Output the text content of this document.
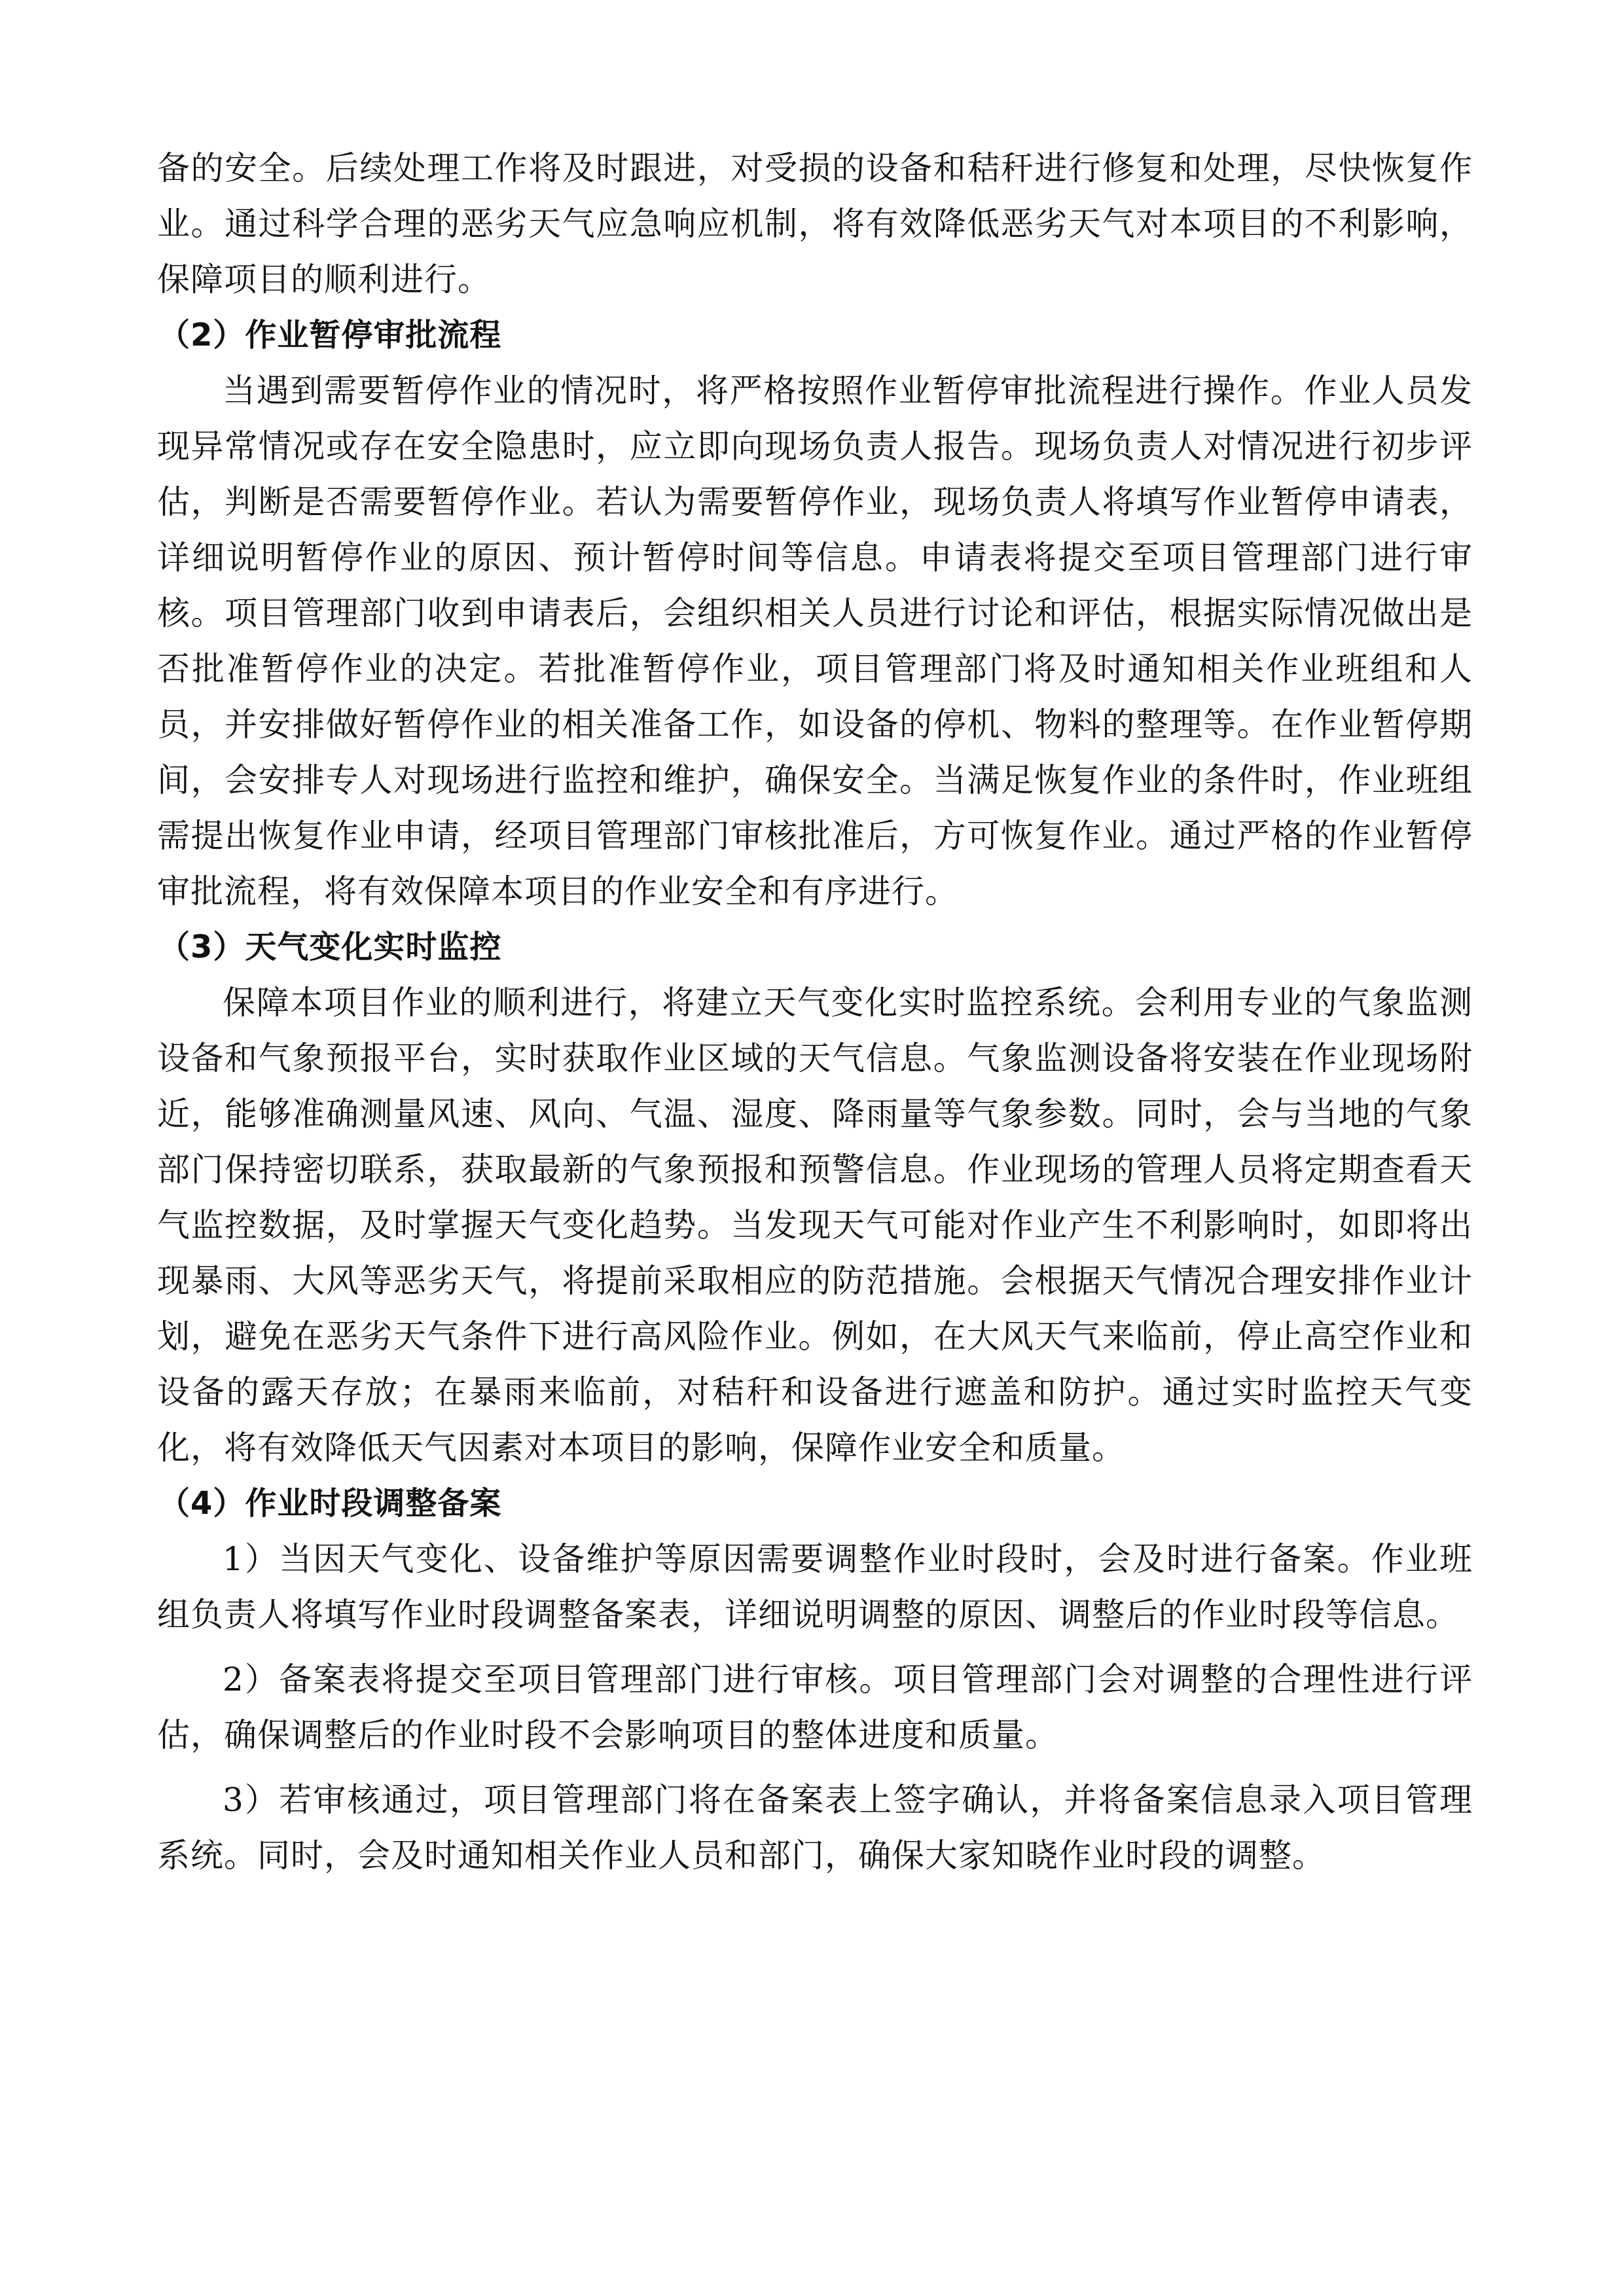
备的安全。后续处理工作将及时跟进，对受损的设备和秸秆进行修复和处理，尽快恢复作业。通过科学合理的恶劣天气应急响应机制，将有效降低恶劣天气对本项目的不利影响，保障项目的顺利进行。

（2）作业暂停审批流程

当遇到需要暂停作业的情况时，将严格按照作业暂停审批流程进行操作。作业人员发现异常情况或存在安全隐患时，应立即向现场负责人报告。现场负责人对情况进行初步评估，判断是否需要暂停作业。若认为需要暂停作业，现场负责人将填写作业暂停申请表，详细说明暂停作业的原因、预计暂停时间等信息。申请表将提交至项目管理部门进行审核。项目管理部门收到申请表后，会组织相关人员进行讨论和评估，根据实际情况做出是否批准暂停作业的决定。若批准暂停作业，项目管理部门将及时通知相关作业班组和人员，并安排做好暂停作业的相关准备工作，如设备的停机、物料的整理等。在作业暂停期间，会安排专人对现场进行监控和维护，确保安全。当满足恢复作业的条件时，作业班组需提出恢复作业申请，经项目管理部门审核批准后，方可恢复作业。通过严格的作业暂停审批流程，将有效保障本项目的作业安全和有序进行。

（3）天气变化实时监控

保障本项目作业的顺利进行，将建立天气变化实时监控系统。会利用专业的气象监测设备和气象预报平台，实时获取作业区域的天气信息。气象监测设备将安装在作业现场附近，能够准确测量风速、风向、气温、湿度、降雨量等气象参数。同时，会与当地的气象部门保持密切联系，获取最新的气象预报和预警信息。作业现场的管理人员将定期查看天气监控数据，及时掌握天气变化趋势。当发现天气可能对作业产生不利影响时，如即将出现暴雨、大风等恶劣天气，将提前采取相应的防范措施。会根据天气情况合理安排作业计划，避免在恶劣天气条件下进行高风险作业。例如，在大风天气来临前，停止高空作业和设备的露天存放；在暴雨来临前，对秸秆和设备进行遮盖和防护。通过实时监控天气变化，将有效降低天气因素对本项目的影响，保障作业安全和质量。

（4）作业时段调整备案

1）当因天气变化、设备维护等原因需要调整作业时段时，会及时进行备案。作业班组负责人将填写作业时段调整备案表，详细说明调整的原因、调整后的作业时段等信息。

2）备案表将提交至项目管理部门进行审核。项目管理部门会对调整的合理性进行评估，确保调整后的作业时段不会影响项目的整体进度和质量。

3）若审核通过，项目管理部门将在备案表上签字确认，并将备案信息录入项目管理系统。同时，会及时通知相关作业人员和部门，确保大家知晓作业时段的调整。
